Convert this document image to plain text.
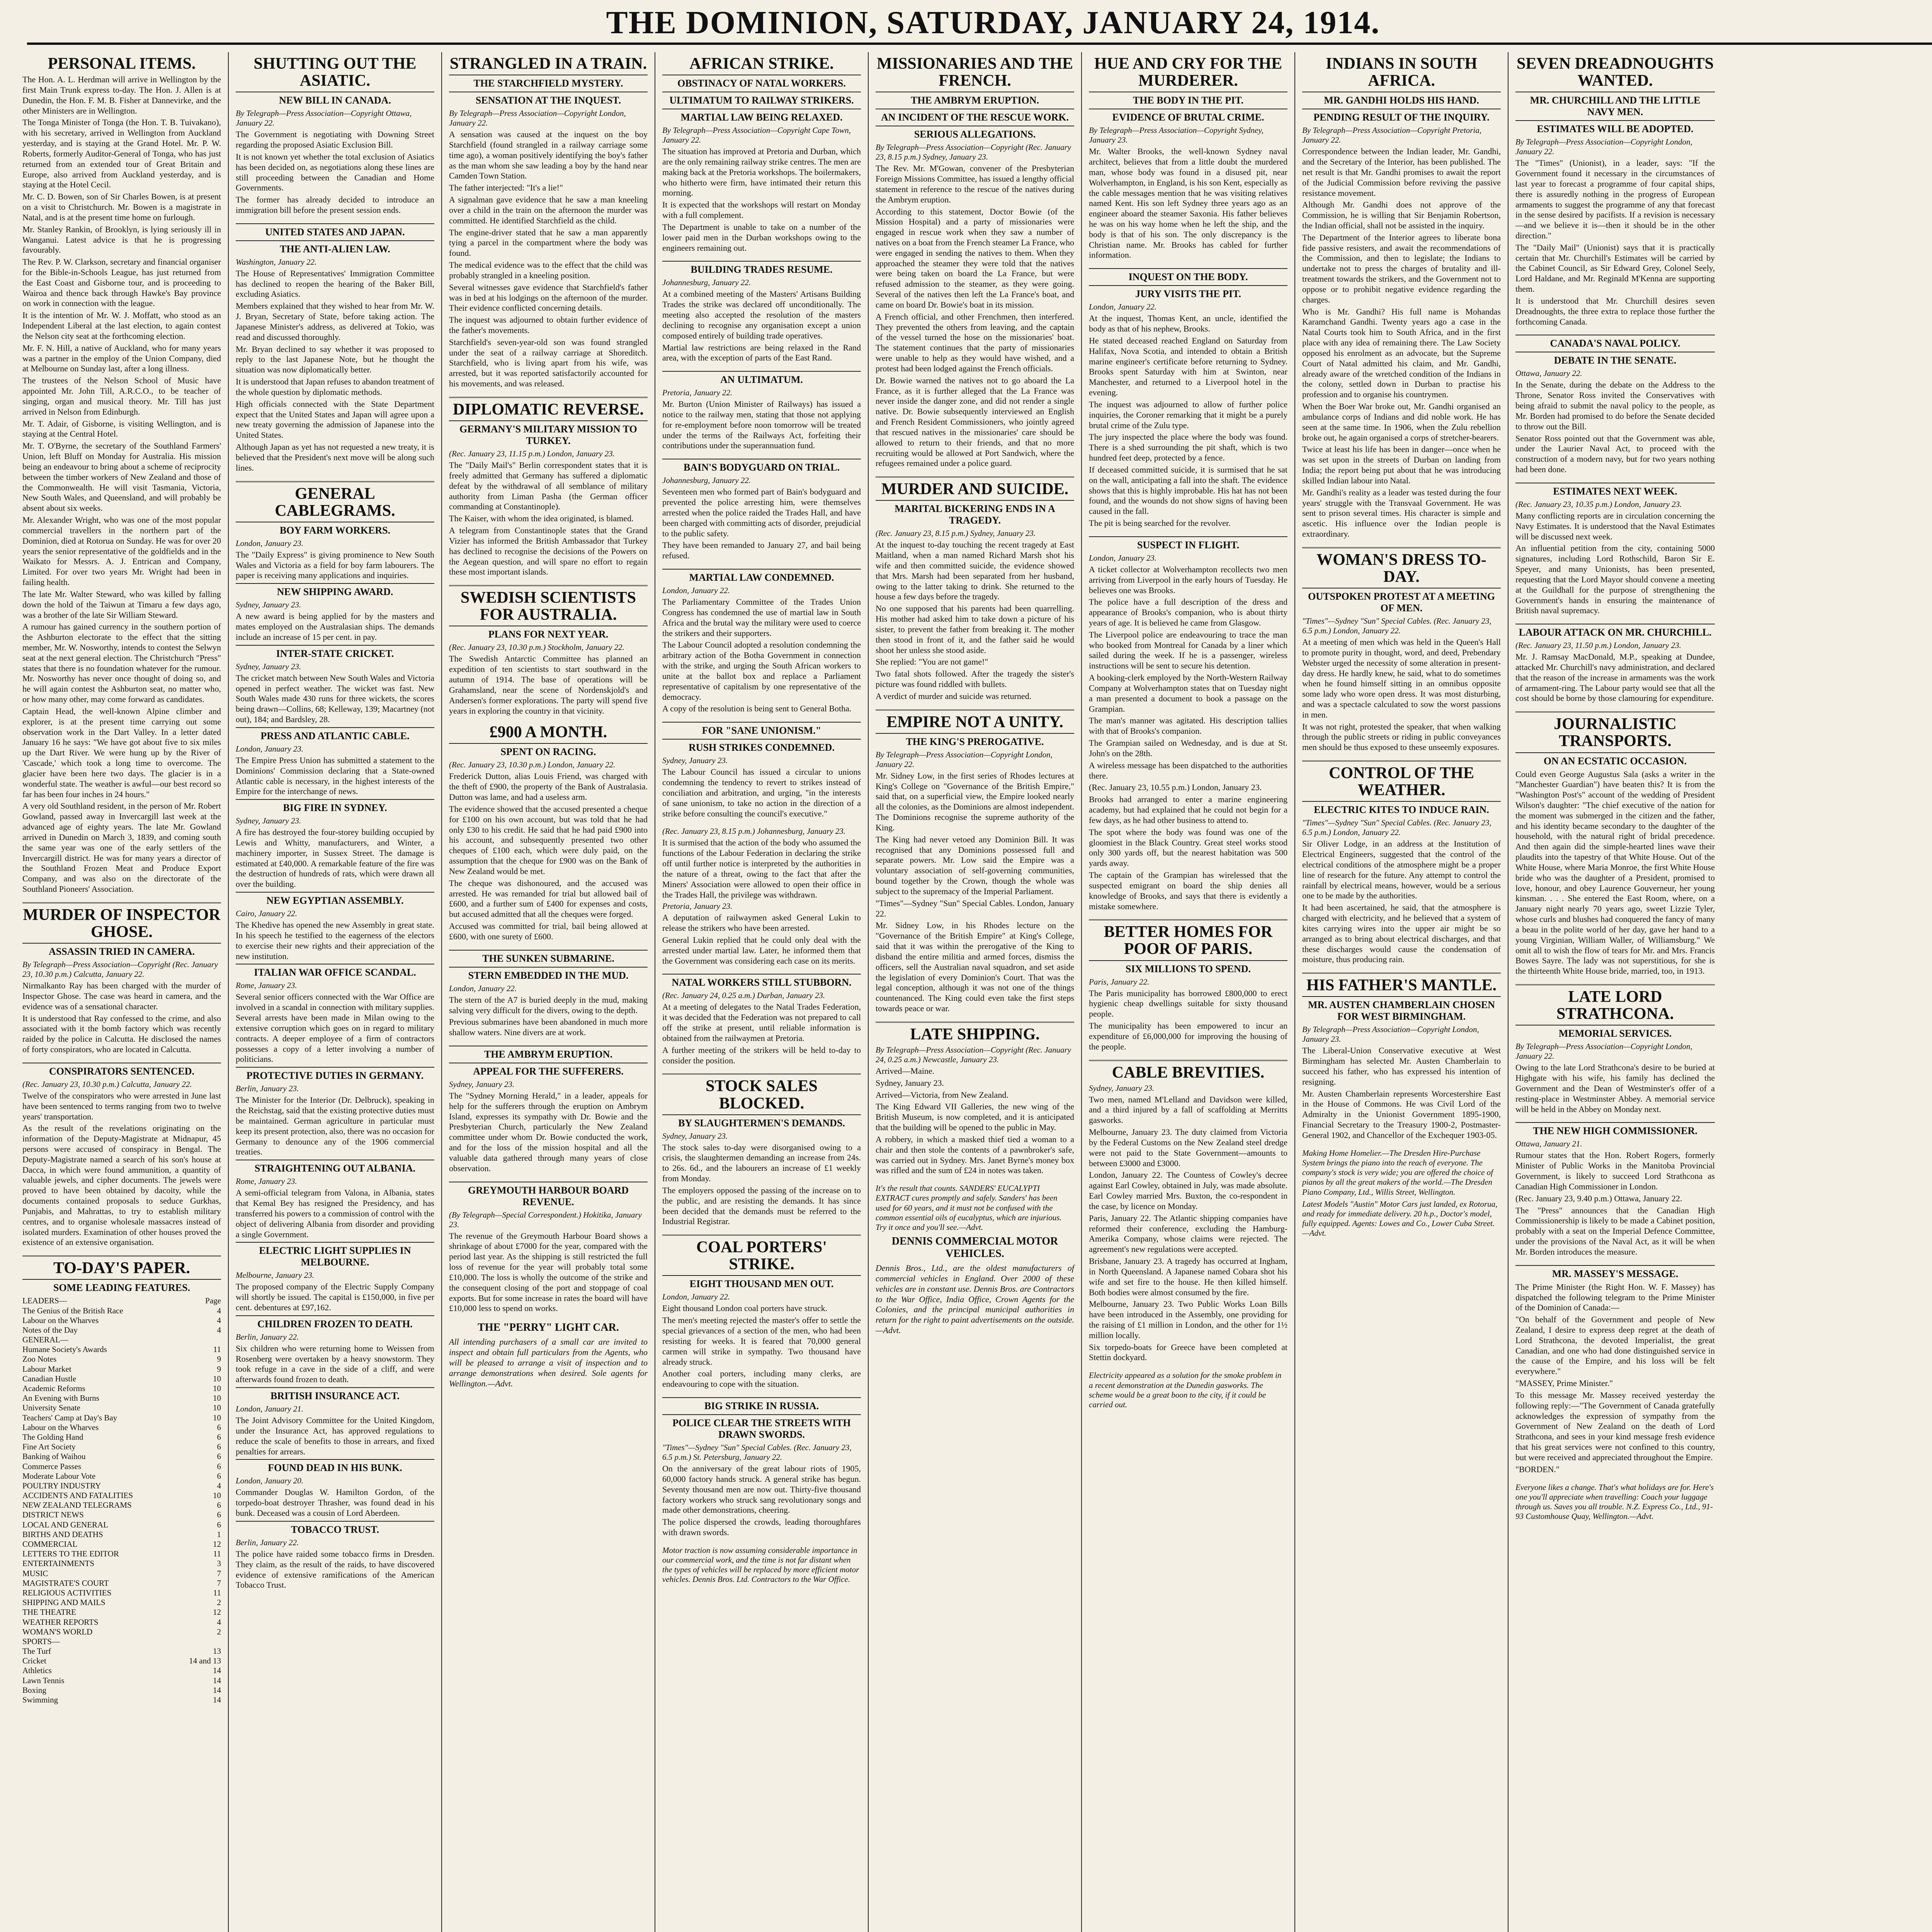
THE DOMINION, SATURDAY, JANUARY 24, 1914.
PERSONAL ITEMS.

The Hon. A. L. Herdman will arrive in Wellington by the first Main Trunk express to-day. The Hon. J. Allen is at Dunedin, the Hon. F. M. B. Fisher at Dannevirke, and the other Ministers are in Wellington.

The Tonga Minister of Tonga (the Hon. T. B. Tuivakano), with his secretary, arrived in Wellington from Auckland yesterday, and is staying at the Grand Hotel. Mr. P. W. Roberts, formerly Auditor-General of Tonga, who has just returned from an extended tour of Great Britain and Europe, also arrived from Auckland yesterday, and is staying at the Hotel Cecil.

Mr. C. D. Bowen, son of Sir Charles Bowen, is at present on a visit to Christchurch. Mr. Bowen is a magistrate in Natal, and is at the present time home on furlough.

Mr. Stanley Rankin, of Brooklyn, is lying seriously ill in Wanganui. Latest advice is that he is progressing favourably.

The Rev. P. W. Clarkson, secretary and financial organiser for the Bible-in-Schools League, has just returned from the East Coast and Gisborne tour, and is proceeding to Wairoa and thence back through Hawke's Bay province on work in connection with the league.

It is the intention of Mr. W. J. Moffatt, who stood as an Independent Liberal at the last election, to again contest the Nelson city seat at the forthcoming election.

Mr. F. N. Hill, a native of Auckland, who for many years was a partner in the employ of the Union Company, died at Melbourne on Sunday last, after a long illness.

The trustees of the Nelson School of Music have appointed Mr. John Till, A.R.C.O., to be teacher of singing, organ and musical theory. Mr. Till has just arrived in Nelson from Edinburgh.

Mr. T. Adair, of Gisborne, is visiting Wellington, and is staying at the Central Hotel.

Mr. T. O'Byrne, the secretary of the Southland Farmers' Union, left Bluff on Monday for Australia. His mission being an endeavour to bring about a scheme of reciprocity between the timber workers of New Zealand and those of the Commonwealth. He will visit Tasmania, Victoria, New South Wales, and Queensland, and will probably be absent about six weeks.

Mr. Alexander Wright, who was one of the most popular commercial travellers in the northern part of the Dominion, died at Rotorua on Sunday. He was for over 20 years the senior representative of the goldfields and in the Waikato for Messrs. A. J. Entrican and Company, Limited. For over two years Mr. Wright had been in failing health.

The late Mr. Walter Steward, who was killed by falling down the hold of the Taiwun at Timaru a few days ago, was a brother of the late Sir William Steward.

A rumour has gained currency in the southern portion of the Ashburton electorate to the effect that the sitting member, Mr. W. Nosworthy, intends to contest the Selwyn seat at the next general election. The Christchurch "Press" states that there is no foundation whatever for the rumour. Mr. Nosworthy has never once thought of doing so, and he will again contest the Ashburton seat, no matter who, or how many other, may come forward as candidates.

Captain Head, the well-known Alpine climber and explorer, is at the present time carrying out some observation work in the Dart Valley. In a letter dated January 16 he says: "We have got about five to six miles up the Dart River. We were hung up by the River of 'Cascade,' which took a long time to overcome. The glacier have been here two days. The glacier is in a wonderful state. The weather is awful—our best record so far has been four inches in 24 hours."

A very old Southland resident, in the person of Mr. Robert Gowland, passed away in Invercargill last week at the advanced age of eighty years. The late Mr. Gowland arrived in Dunedin on March 3, 1839, and coming south the same year was one of the early settlers of the Invercargill district. He was for many years a director of the Southland Frozen Meat and Produce Export Company, and was also on the directorate of the Southland Pioneers' Association.

MURDER OF INSPECTOR GHOSE.
ASSASSIN TRIED IN CAMERA.
By Telegraph—Press Association—Copyright (Rec. January 23, 10.30 p.m.) Calcutta, January 22.

Nirmalkanto Ray has been charged with the murder of Inspector Ghose. The case was heard in camera, and the evidence was of a sensational character.

It is understood that Ray confessed to the crime, and also associated with it the bomb factory which was recently raided by the police in Calcutta. He disclosed the names of forty conspirators, who are located in Calcutta.

CONSPIRATORS SENTENCED.
(Rec. January 23, 10.30 p.m.) Calcutta, January 22.

Twelve of the conspirators who were arrested in June last have been sentenced to terms ranging from two to twelve years' transportation.

As the result of the revelations originating on the information of the Deputy-Magistrate at Midnapur, 45 persons were accused of conspiracy in Bengal. The Deputy-Magistrate named a search of his son's house at Dacca, in which were found ammunition, a quantity of valuable jewels, and cipher documents. The jewels were proved to have been obtained by dacoity, while the documents contained proposals to seduce Gurkhas, Punjabis, and Mahrattas, to try to establish military centres, and to organise wholesale massacres instead of isolated murders. Examination of other houses proved the existence of an extensive organisation.

TO-DAY'S PAPER.
SOME LEADING FEATURES.
LEADERS—	Page
The Genius of the British Race	4
Labour on the Wharves	4
Notes of the Day	4
GENERAL—
Humane Society's Awards	11
Zoo Notes	9
Labour Market	9
Canadian Hustle	10
Academic Reforms	10
An Evening with Burns	10
University Senate	10
Teachers' Camp at Day's Bay	10
Labour on the Wharves	6
The Golding Hand	6
Fine Art Society	6
Banking of Waihou	6
Commerce Passes	6
Moderate Labour Vote	6
POULTRY INDUSTRY	4
ACCIDENTS AND FATALITIES	10
NEW ZEALAND TELEGRAMS	6
DISTRICT NEWS	6
LOCAL AND GENERAL	6
BIRTHS AND DEATHS	1
COMMERCIAL	12
LETTERS TO THE EDITOR	11
ENTERTAINMENTS	3
MUSIC	7
MAGISTRATE'S COURT	7
RELIGIOUS ACTIVITIES	11
SHIPPING AND MAILS	2
THE THEATRE	12
WEATHER REPORTS	4
WOMAN'S WORLD	2
SPORTS—
The Turf	13
Cricket	14 and 13
Athletics	14
Lawn Tennis	14
Boxing	14
Swimming	14
SHUTTING OUT THE ASIATIC.
NEW BILL IN CANADA.
By Telegraph—Press Association—Copyright Ottawa, January 22.

The Government is negotiating with Downing Street regarding the proposed Asiatic Exclusion Bill.

It is not known yet whether the total exclusion of Asiatics has been decided on, as negotiations along these lines are still proceeding between the Canadian and Home Governments.

The former has already decided to introduce an immigration bill before the present session ends.

UNITED STATES AND JAPAN.
THE ANTI-ALIEN LAW.
Washington, January 22.

The House of Representatives' Immigration Committee has declined to reopen the hearing of the Baker Bill, excluding Asiatics.

Members explained that they wished to hear from Mr. W. J. Bryan, Secretary of State, before taking action. The Japanese Minister's address, as delivered at Tokio, was read and discussed thoroughly.

Mr. Bryan declined to say whether it was proposed to reply to the last Japanese Note, but he thought the situation was now diplomatically better.

It is understood that Japan refuses to abandon treatment of the whole question by diplomatic methods.

High officials connected with the State Department expect that the United States and Japan will agree upon a new treaty governing the admission of Japanese into the United States.

Although Japan as yet has not requested a new treaty, it is believed that the President's next move will be along such lines.

GENERAL CABLEGRAMS.
BOY FARM WORKERS.
London, January 23.

The "Daily Express" is giving prominence to New South Wales and Victoria as a field for boy farm labourers. The paper is receiving many applications and inquiries.

NEW SHIPPING AWARD.
Sydney, January 23.

A new award is being applied for by the masters and mates employed on the Australasian ships. The demands include an increase of 15 per cent. in pay.

INTER-STATE CRICKET.
Sydney, January 23.

The cricket match between New South Wales and Victoria opened in perfect weather. The wicket was fast. New South Wales made 430 runs for three wickets, the scores being drawn—Collins, 68; Kelleway, 139; Macartney (not out), 184; and Bardsley, 28.

PRESS AND ATLANTIC CABLE.
London, January 23.

The Empire Press Union has submitted a statement to the Dominions' Commission declaring that a State-owned Atlantic cable is necessary, in the highest interests of the Empire for the interchange of news.

BIG FIRE IN SYDNEY.
Sydney, January 23.

A fire has destroyed the four-storey building occupied by Lewis and Whitty, manufacturers, and Winter, a machinery importer, in Sussex Street. The damage is estimated at £40,000. A remarkable feature of the fire was the destruction of hundreds of rats, which were drawn all over the building.

NEW EGYPTIAN ASSEMBLY.
Cairo, January 22.

The Khedive has opened the new Assembly in great state. In his speech he testified to the eagerness of the electors to exercise their new rights and their appreciation of the new institution.

ITALIAN WAR OFFICE SCANDAL.
Rome, January 23.

Several senior officers connected with the War Office are involved in a scandal in connection with military supplies. Several arrests have been made in Milan owing to the extensive corruption which goes on in regard to military contracts. A deeper employee of a firm of contractors possesses a copy of a letter involving a number of politicians.

PROTECTIVE DUTIES IN GERMANY.
Berlin, January 23.

The Minister for the Interior (Dr. Delbruck), speaking in the Reichstag, said that the existing protective duties must be maintained. German agriculture in particular must keep its present protection, also, there was no occasion for Germany to denounce any of the 1906 commercial treaties.

STRAIGHTENING OUT ALBANIA.
Rome, January 23.

A semi-official telegram from Valona, in Albania, states that Kemal Bey has resigned the Presidency, and has transferred his powers to a commission of control with the object of delivering Albania from disorder and providing a single Government.

ELECTRIC LIGHT SUPPLIES IN MELBOURNE.
Melbourne, January 23.

The proposed company of the Electric Supply Company will shortly be issued. The capital is £150,000, in five per cent. debentures at £97,162.

CHILDREN FROZEN TO DEATH.
Berlin, January 22.

Six children who were returning home to Weissen from Rosenberg were overtaken by a heavy snowstorm. They took refuge in a cave in the side of a cliff, and were afterwards found frozen to death.

BRITISH INSURANCE ACT.
London, January 21.

The Joint Advisory Committee for the United Kingdom, under the Insurance Act, has approved regulations to reduce the scale of benefits to those in arrears, and fixed penalties for arrears.

FOUND DEAD IN HIS BUNK.
London, January 20.

Commander Douglas W. Hamilton Gordon, of the torpedo-boat destroyer Thrasher, was found dead in his bunk. Deceased was a cousin of Lord Aberdeen.

TOBACCO TRUST.
Berlin, January 22.

The police have raided some tobacco firms in Dresden. They claim, as the result of the raids, to have discovered evidence of extensive ramifications of the American Tobacco Trust.

STRANGLED IN A TRAIN.
THE STARCHFIELD MYSTERY.
SENSATION AT THE INQUEST.
By Telegraph—Press Association—Copyright London, January 22.

A sensation was caused at the inquest on the boy Starchfield (found strangled in a railway carriage some time ago), a woman positively identifying the boy's father as the man whom she saw leading a boy by the hand near Camden Town Station.

The father interjected: "It's a lie!"

A signalman gave evidence that he saw a man kneeling over a child in the train on the afternoon the murder was committed. He identified Starchfield as the child.

The engine-driver stated that he saw a man apparently tying a parcel in the compartment where the body was found.

The medical evidence was to the effect that the child was probably strangled in a kneeling position.

Several witnesses gave evidence that Starchfield's father was in bed at his lodgings on the afternoon of the murder. Their evidence conflicted concerning details.

The inquest was adjourned to obtain further evidence of the father's movements.

Starchfield's seven-year-old son was found strangled under the seat of a railway carriage at Shoreditch. Starchfield, who is living apart from his wife, was arrested, but it was reported satisfactorily accounted for his movements, and was released.

DIPLOMATIC REVERSE.
GERMANY'S MILITARY MISSION TO TURKEY.
(Rec. January 23, 11.15 p.m.) London, January 23.

The "Daily Mail's" Berlin correspondent states that it is freely admitted that Germany has suffered a diplomatic defeat by the withdrawal of all semblance of military authority from Liman Pasha (the German officer commanding at Constantinople).

The Kaiser, with whom the idea originated, is blamed.

A telegram from Constantinople states that the Grand Vizier has informed the British Ambassador that Turkey has declined to recognise the decisions of the Powers on the Aegean question, and will spare no effort to regain these most important islands.

SWEDISH SCIENTISTS FOR AUSTRALIA.
PLANS FOR NEXT YEAR.
(Rec. January 23, 10.30 p.m.) Stockholm, January 22.

The Swedish Antarctic Committee has planned an expedition of ten scientists to start southward in the autumn of 1914. The base of operations will be Grahamsland, near the scene of Nordenskjold's and Andersen's former explorations. The party will spend five years in exploring the country in that vicinity.

£900 A MONTH.
SPENT ON RACING.
(Rec. January 23, 10.30 p.m.) London, January 22.

Frederick Dutton, alias Louis Friend, was charged with the theft of £900, the property of the Bank of Australasia. Dutton was lame, and had a useless arm.

The evidence showed that the accused presented a cheque for £100 on his own account, but was told that he had only £30 to his credit. He said that he had paid £900 into his account, and subsequently presented two other cheques of £100 each, which were duly paid, on the assumption that the cheque for £900 was on the Bank of New Zealand would be met.

The cheque was dishonoured, and the accused was arrested. He was remanded for trial but allowed bail of £600, and a further sum of £400 for expenses and costs, but accused admitted that all the cheques were forged.

Accused was committed for trial, bail being allowed at £600, with one surety of £600.

THE SUNKEN SUBMARINE.
STERN EMBEDDED IN THE MUD.
London, January 22.

The stern of the A7 is buried deeply in the mud, making salving very difficult for the divers, owing to the depth.

Previous submarines have been abandoned in much more shallow waters. Nine divers are at work.

THE AMBRYM ERUPTION.
APPEAL FOR THE SUFFERERS.
Sydney, January 23.

The "Sydney Morning Herald," in a leader, appeals for help for the sufferers through the eruption on Ambrym Island, expresses its sympathy with Dr. Bowie and the Presbyterian Church, particularly the New Zealand committee under whom Dr. Bowie conducted the work, and for the loss of the mission hospital and all the valuable data gathered through many years of close observation.

GREYMOUTH HARBOUR BOARD REVENUE.
(By Telegraph—Special Correspondent.) Hokitika, January 23.

The revenue of the Greymouth Harbour Board shows a shrinkage of about £7000 for the year, compared with the period last year. As the shipping is still restricted the full loss of revenue for the year will probably total some £10,000. The loss is wholly the outcome of the strike and the consequent closing of the port and stoppage of coal exports. But for some increase in rates the board will have £10,000 less to spend on works.

THE "PERRY" LIGHT CAR.

All intending purchasers of a small car are invited to inspect and obtain full particulars from the Agents, who will be pleased to arrange a visit of inspection and to arrange demonstrations when desired. Sole agents for Wellington.—Advt.

AFRICAN STRIKE.
OBSTINACY OF NATAL WORKERS.
ULTIMATUM TO RAILWAY STRIKERS.
MARTIAL LAW BEING RELAXED.
By Telegraph—Press Association—Copyright Cape Town, January 22.

The situation has improved at Pretoria and Durban, which are the only remaining railway strike centres. The men are making back at the Pretoria workshops. The boilermakers, who hitherto were firm, have intimated their return this morning.

It is expected that the workshops will restart on Monday with a full complement.

The Department is unable to take on a number of the lower paid men in the Durban workshops owing to the engineers remaining out.

BUILDING TRADES RESUME.
Johannesburg, January 22.

At a combined meeting of the Masters' Artisans Building Trades the strike was declared off unconditionally. The meeting also accepted the resolution of the masters declining to recognise any organisation except a union composed entirely of building trade operatives.

Martial law restrictions are being relaxed in the Rand area, with the exception of parts of the East Rand.

AN ULTIMATUM.
Pretoria, January 22.

Mr. Burton (Union Minister of Railways) has issued a notice to the railway men, stating that those not applying for re-employment before noon tomorrow will be treated under the terms of the Railways Act, forfeiting their contributions under the superannuation fund.

BAIN'S BODYGUARD ON TRIAL.
Johannesburg, January 22.

Seventeen men who formed part of Bain's bodyguard and prevented the police arresting him, were themselves arrested when the police raided the Trades Hall, and have been charged with committing acts of disorder, prejudicial to the public safety.

They have been remanded to January 27, and bail being refused.

MARTIAL LAW CONDEMNED.
London, January 22.

The Parliamentary Committee of the Trades Union Congress has condemned the use of martial law in South Africa and the brutal way the military were used to coerce the strikers and their supporters.

The Labour Council adopted a resolution condemning the arbitrary action of the Botha Government in connection with the strike, and urging the South African workers to unite at the ballot box and replace a Parliament representative of capitalism by one representative of the democracy.

A copy of the resolution is being sent to General Botha.

FOR "SANE UNIONISM."
RUSH STRIKES CONDEMNED.
Sydney, January 23.

The Labour Council has issued a circular to unions condemning the tendency to revert to strikes instead of conciliation and arbitration, and urging, "in the interests of sane unionism, to take no action in the direction of a strike before consulting the council's executive."

(Rec. January 23, 8.15 p.m.) Johannesburg, January 23.

It is surmised that the action of the body who assumed the functions of the Labour Federation in declaring the strike off until further notice is interpreted by the authorities in the nature of a threat, owing to the fact that after the Miners' Association were allowed to open their office in the Trades Hall, the privilege was withdrawn.

Pretoria, January 23.

A deputation of railwaymen asked General Lukin to release the strikers who have been arrested.

General Lukin replied that he could only deal with the arrested under martial law. Later, he informed them that the Government was considering each case on its merits.

NATAL WORKERS STILL STUBBORN.
(Rec. January 24, 0.25 a.m.) Durban, January 23.

At a meeting of delegates to the Natal Trades Federation, it was decided that the Federation was not prepared to call off the strike at present, until reliable information is obtained from the railwaymen at Pretoria.

A further meeting of the strikers will be held to-day to consider the position.

STOCK SALES BLOCKED.
BY SLAUGHTERMEN'S DEMANDS.
Sydney, January 23.

The stock sales to-day were disorganised owing to a crisis, the slaughtermen demanding an increase from 24s. to 26s. 6d., and the labourers an increase of £1 weekly from Monday.

The employers opposed the passing of the increase on to the public, and are resisting the demands. It has since been decided that the demands must be referred to the Industrial Registrar.

COAL PORTERS' STRIKE.
EIGHT THOUSAND MEN OUT.
London, January 22.

Eight thousand London coal porters have struck.

The men's meeting rejected the master's offer to settle the special grievances of a section of the men, who had been resisting for weeks. It is feared that 70,000 general carmen will strike in sympathy. Two thousand have already struck.

Another coal porters, including many clerks, are endeavouring to cope with the situation.

BIG STRIKE IN RUSSIA.
POLICE CLEAR THE STREETS WITH DRAWN SWORDS.
"Times"—Sydney "Sun" Special Cables. (Rec. January 23, 6.5 p.m.) St. Petersburg, January 22.

On the anniversary of the great labour riots of 1905, 60,000 factory hands struck. A general strike has begun. Seventy thousand men are now out. Thirty-five thousand factory workers who struck sang revolutionary songs and made other demonstrations, cheering.

The police dispersed the crowds, leading thoroughfares with drawn swords.

Motor traction is now assuming considerable importance in our commercial work, and the time is not far distant when the types of vehicles will be replaced by more efficient motor vehicles. Dennis Bros. Ltd. Contractors to the War Office.

MISSIONARIES AND THE FRENCH.
THE AMBRYM ERUPTION.
AN INCIDENT OF THE RESCUE WORK.
SERIOUS ALLEGATIONS.
By Telegraph—Press Association—Copyright (Rec. January 23, 8.15 p.m.) Sydney, January 23.

The Rev. Mr. M'Gowan, convener of the Presbyterian Foreign Missions Committee, has issued a lengthy official statement in reference to the rescue of the natives during the Ambrym eruption.

According to this statement, Doctor Bowie (of the Mission Hospital) and a party of missionaries were engaged in rescue work when they saw a number of natives on a boat from the French steamer La France, who were engaged in sending the natives to them. When they approached the steamer they were told that the natives were being taken on board the La France, but were refused admission to the steamer, as they were going. Several of the natives then left the La France's boat, and came on board Dr. Bowie's boat in its mission.

A French official, and other Frenchmen, then interfered. They prevented the others from leaving, and the captain of the vessel turned the hose on the missionaries' boat. The statement continues that the party of missionaries were unable to help as they would have wished, and a protest had been lodged against the French officials.

Dr. Bowie warned the natives not to go aboard the La France, as it is further alleged that the La France was never inside the danger zone, and did not render a single native. Dr. Bowie subsequently interviewed an English and French Resident Commissioners, who jointly agreed that rescued natives in the missionaries' care should be allowed to return to their friends, and that no more recruiting would be allowed at Port Sandwich, where the refugees remained under a police guard.

MURDER AND SUICIDE.
MARITAL BICKERING ENDS IN A TRAGEDY.
(Rec. January 23, 8.15 p.m.) Sydney, January 23.

At the inquest to-day touching the recent tragedy at East Maitland, when a man named Richard Marsh shot his wife and then committed suicide, the evidence showed that Mrs. Marsh had been separated from her husband, owing to the latter taking to drink. She returned to the house a few days before the tragedy.

No one supposed that his parents had been quarrelling. His mother had asked him to take down a picture of his sister, to prevent the father from breaking it. The mother then stood in front of it, and the father said he would shoot her unless she stood aside.

She replied: "You are not game!"

Two fatal shots followed. After the tragedy the sister's picture was found riddled with bullets.

A verdict of murder and suicide was returned.

EMPIRE NOT A UNITY.
THE KING'S PREROGATIVE.
By Telegraph—Press Association—Copyright London, January 22.

Mr. Sidney Low, in the first series of Rhodes lectures at King's College on "Governance of the British Empire," said that, on a superficial view, the Empire looked nearly all the colonies, as the Dominions are almost independent. The Dominions recognise the supreme authority of the King.

The King had never vetoed any Dominion Bill. It was recognised that any Dominions possessed full and separate powers. Mr. Low said the Empire was a voluntary association of self-governing communities, bound together by the Crown, though the whole was subject to the supremacy of the Imperial Parliament.

"Times"—Sydney "Sun" Special Cables. London, January 22.

Mr. Sidney Low, in his Rhodes lecture on the "Governance of the British Empire" at King's College, said that it was within the prerogative of the King to disband the entire militia and armed forces, dismiss the officers, sell the Australian naval squadron, and set aside the legislation of every Dominion's Court. That was the legal conception, although it was not one of the things countenanced. The King could even take the first steps towards peace or war.

LATE SHIPPING.
By Telegraph—Press Association—Copyright (Rec. January 24, 0.25 a.m.) Newcastle, January 23.

Arrived—Maine.

Sydney, January 23.

Arrived—Victoria, from New Zealand.

The King Edward VII Galleries, the new wing of the British Museum, is now completed, and it is anticipated that the building will be opened to the public in May.

A robbery, in which a masked thief tied a woman to a chair and then stole the contents of a pawnbroker's safe, was carried out in Sydney. Mrs. Janet Byrne's money box was rifled and the sum of £24 in notes was taken.

It's the result that counts. SANDERS' EUCALYPTI EXTRACT cures promptly and safely. Sanders' has been used for 60 years, and it must not be confused with the common essential oils of eucalyptus, which are injurious. Try it once and you'll see.—Advt.

DENNIS COMMERCIAL MOTOR VEHICLES.

Dennis Bros., Ltd., are the oldest manufacturers of commercial vehicles in England. Over 2000 of these vehicles are in constant use. Dennis Bros. are Contractors to the War Office, India Office, Crown Agents for the Colonies, and the principal municipal authorities in return for the right to paint advertisements on the outside.—Advt.

HUE AND CRY FOR THE MURDERER.
THE BODY IN THE PIT.
EVIDENCE OF BRUTAL CRIME.
By Telegraph—Press Association—Copyright Sydney, January 23.

Mr. Walter Brooks, the well-known Sydney naval architect, believes that from a little doubt the murdered man, whose body was found in a disused pit, near Wolverhampton, in England, is his son Kent, especially as the cable messages mention that he was visiting relatives named Kent. His son left Sydney three years ago as an engineer aboard the steamer Saxonia. His father believes he was on his way home when he left the ship, and the body is that of his son. The only discrepancy is the Christian name. Mr. Brooks has cabled for further information.

INQUEST ON THE BODY.
JURY VISITS THE PIT.
London, January 22.

At the inquest, Thomas Kent, an uncle, identified the body as that of his nephew, Brooks.

He stated deceased reached England on Saturday from Halifax, Nova Scotia, and intended to obtain a British marine engineer's certificate before returning to Sydney. Brooks spent Saturday with him at Swinton, near Manchester, and returned to a Liverpool hotel in the evening.

The inquest was adjourned to allow of further police inquiries, the Coroner remarking that it might be a purely brutal crime of the Zulu type.

The jury inspected the place where the body was found. There is a shed surrounding the pit shaft, which is two hundred feet deep, protected by a fence.

If deceased committed suicide, it is surmised that he sat on the wall, anticipating a fall into the shaft. The evidence shows that this is highly improbable. His hat has not been found, and the wounds do not show signs of having been caused in the fall.

The pit is being searched for the revolver.

SUSPECT IN FLIGHT.
London, January 23.

A ticket collector at Wolverhampton recollects two men arriving from Liverpool in the early hours of Tuesday. He believes one was Brooks.

The police have a full description of the dress and appearance of Brooks's companion, who is about thirty years of age. It is believed he came from Glasgow.

The Liverpool police are endeavouring to trace the man who booked from Montreal for Canada by a liner which sailed during the week. If he is a passenger, wireless instructions will be sent to secure his detention.

A booking-clerk employed by the North-Western Railway Company at Wolverhampton states that on Tuesday night a man presented a document to book a passage on the Grampian.

The man's manner was agitated. His description tallies with that of Brooks's companion.

The Grampian sailed on Wednesday, and is due at St. John's on the 28th.

A wireless message has been dispatched to the authorities there.

(Rec. January 23, 10.55 p.m.) London, January 23.

Brooks had arranged to enter a marine engineering academy, but had explained that he could not begin for a few days, as he had other business to attend to.

The spot where the body was found was one of the gloomiest in the Black Country. Great steel works stood only 300 yards off, but the nearest habitation was 500 yards away.

The captain of the Grampian has wirelessed that the suspected emigrant on board the ship denies all knowledge of Brooks, and says that there is evidently a mistake somewhere.

BETTER HOMES FOR POOR OF PARIS.
SIX MILLIONS TO SPEND.
Paris, January 22.

The Paris municipality has borrowed £800,000 to erect hygienic cheap dwellings suitable for sixty thousand people.

The municipality has been empowered to incur an expenditure of £6,000,000 for improving the housing of the people.

CABLE BREVITIES.
Sydney, January 23.

Two men, named M'Lelland and Davidson were killed, and a third injured by a fall of scaffolding at Merritts gasworks.

Melbourne, January 23. The duty claimed from Victoria by the Federal Customs on the New Zealand steel dredge were not paid to the State Government—amounts to between £3000 and £3000.

London, January 22. The Countess of Cowley's decree against Earl Cowley, obtained in July, was made absolute. Earl Cowley married Mrs. Buxton, the co-respondent in the case, by licence on Monday.

Paris, January 22. The Atlantic shipping companies have reformed their conference, excluding the Hamburg-Amerika Company, whose claims were rejected. The agreement's new regulations were accepted.

Brisbane, January 23. A tragedy has occurred at Ingham, in North Queensland. A Japanese named Cobara shot his wife and set fire to the house. He then killed himself. Both bodies were almost consumed by the fire.

Melbourne, January 23. Two Public Works Loan Bills have been introduced in the Assembly, one providing for the raising of £1 million in London, and the other for 1½ million locally.

Six torpedo-boats for Greece have been completed at Stettin dockyard.

Electricity appeared as a solution for the smoke problem in a recent demonstration at the Dunedin gasworks. The scheme would be a great boon to the city, if it could be carried out.

INDIANS IN SOUTH AFRICA.
MR. GANDHI HOLDS HIS HAND.
PENDING RESULT OF THE INQUIRY.
By Telegraph—Press Association—Copyright Pretoria, January 22.

Correspondence between the Indian leader, Mr. Gandhi, and the Secretary of the Interior, has been published. The net result is that Mr. Gandhi promises to await the report of the Judicial Commission before reviving the passive resistance movement.

Although Mr. Gandhi does not approve of the Commission, he is willing that Sir Benjamin Robertson, the Indian official, shall not be assisted in the inquiry.

The Department of the Interior agrees to liberate bona fide passive resisters, and await the recommendations of the Commission, and then to legislate; the Indians to undertake not to press the charges of brutality and ill-treatment towards the strikers, and the Government not to oppose or to prohibit negative evidence regarding the charges.

Who is Mr. Gandhi? His full name is Mohandas Karamchand Gandhi. Twenty years ago a case in the Natal Courts took him to South Africa, and in the first place with any idea of remaining there. The Law Society opposed his enrolment as an advocate, but the Supreme Court of Natal admitted his claim, and Mr. Gandhi, already aware of the wretched condition of the Indians in the colony, settled down in Durban to practise his profession and to organise his countrymen.

When the Boer War broke out, Mr. Gandhi organised an ambulance corps of Indians and did noble work. He has seen at the same time. In 1906, when the Zulu rebellion broke out, he again organised a corps of stretcher-bearers.

Twice at least his life has been in danger—once when he was set upon in the streets of Durban on landing from India; the report being put about that he was introducing skilled Indian labour into Natal.

Mr. Gandhi's reality as a leader was tested during the four years' struggle with the Transvaal Government. He was sent to prison several times. His character is simple and ascetic. His influence over the Indian people is extraordinary.

WOMAN'S DRESS TO-DAY.
OUTSPOKEN PROTEST AT A MEETING OF MEN.
"Times"—Sydney "Sun" Special Cables. (Rec. January 23, 6.5 p.m.) London, January 22.

At a meeting of men which was held in the Queen's Hall to promote purity in thought, word, and deed, Prebendary Webster urged the necessity of some alteration in present-day dress. He hardly knew, he said, what to do sometimes when he found himself sitting in an omnibus opposite some lady who wore open dress. It was most disturbing, and was a spectacle calculated to sow the worst passions in men.

It was not right, protested the speaker, that when walking through the public streets or riding in public conveyances men should be thus exposed to these unseemly exposures.

CONTROL OF THE WEATHER.
ELECTRIC KITES TO INDUCE RAIN.
"Times"—Sydney "Sun" Special Cables. (Rec. January 23, 6.5 p.m.) London, January 22.

Sir Oliver Lodge, in an address at the Institution of Electrical Engineers, suggested that the control of the electrical conditions of the atmosphere might be a proper line of research for the future. Any attempt to control the rainfall by electrical means, however, would be a serious one to be made by the authorities.

It had been ascertained, he said, that the atmosphere is charged with electricity, and he believed that a system of kites carrying wires into the upper air might be so arranged as to bring about electrical discharges, and that these discharges would cause the condensation of moisture, thus producing rain.

HIS FATHER'S MANTLE.
MR. AUSTEN CHAMBERLAIN CHOSEN FOR WEST BIRMINGHAM.
By Telegraph—Press Association—Copyright London, January 23.

The Liberal-Union Conservative executive at West Birmingham has selected Mr. Austen Chamberlain to succeed his father, who has expressed his intention of resigning.

Mr. Austen Chamberlain represents Worcestershire East in the House of Commons. He was Civil Lord of the Admiralty in the Unionist Government 1895-1900, Financial Secretary to the Treasury 1900-2, Postmaster-General 1902, and Chancellor of the Exchequer 1903-05.

Making Home Homelier.—The Dresden Hire-Purchase System brings the piano into the reach of everyone. The company's stock is very wide; you are offered the choice of pianos by all the great makers of the world.—The Dresden Piano Company, Ltd., Willis Street, Wellington.

Latest Models "Austin" Motor Cars just landed, ex Rotorua, and ready for immediate delivery. 20 h.p., Doctor's model, fully equipped. Agents: Lowes and Co., Lower Cuba Street.—Advt.

SEVEN DREADNOUGHTS WANTED.
MR. CHURCHILL AND THE LITTLE NAVY MEN.
ESTIMATES WILL BE ADOPTED.
By Telegraph—Press Association—Copyright London, January 22.

The "Times" (Unionist), in a leader, says: "If the Government found it necessary in the circumstances of last year to forecast a programme of four capital ships, there is assuredly nothing in the progress of European armaments to suggest the programme of any that forecast in the sense desired by pacifists. If a revision is necessary—and we believe it is—then it should be in the other direction."

The "Daily Mail" (Unionist) says that it is practically certain that Mr. Churchill's Estimates will be carried by the Cabinet Council, as Sir Edward Grey, Colonel Seely, Lord Haldane, and Mr. Reginald M'Kenna are supporting them.

It is understood that Mr. Churchill desires seven Dreadnoughts, the three extra to replace those further the forthcoming Canada.

CANADA'S NAVAL POLICY.
DEBATE IN THE SENATE.
Ottawa, January 22.

In the Senate, during the debate on the Address to the Throne, Senator Ross invited the Conservatives with being afraid to submit the naval policy to the people, as Mr. Borden had promised to do before the Senate decided to throw out the Bill.

Senator Ross pointed out that the Government was able, under the Laurier Naval Act, to proceed with the construction of a modern navy, but for two years nothing had been done.

ESTIMATES NEXT WEEK.
(Rec. January 23, 10.35 p.m.) London, January 23.

Many conflicting reports are in circulation concerning the Navy Estimates. It is understood that the Naval Estimates will be discussed next week.

An influential petition from the city, containing 5000 signatures, including Lord Rothschild, Baron Sir E. Speyer, and many Unionists, has been presented, requesting that the Lord Mayor should convene a meeting at the Guildhall for the purpose of strengthening the Government's hands in ensuring the maintenance of British naval supremacy.

LABOUR ATTACK ON MR. CHURCHILL.
(Rec. January 23, 11.50 p.m.) London, January 23.

Mr. J. Ramsay MacDonald, M.P., speaking at Dundee, attacked Mr. Churchill's navy administration, and declared that the reason of the increase in armaments was the work of armament-ring. The Labour party would see that all the cost should be borne by those clamouring for expenditure.

JOURNALISTIC TRANSPORTS.
ON AN ECSTATIC OCCASION.

Could even George Augustus Sala (asks a writer in the "Manchester Guardian") have beaten this? It is from the "Washington Post's" account of the wedding of President Wilson's daughter: "The chief executive of the nation for the moment was submerged in the citizen and the father, and his identity became secondary to the daughter of the household, with the natural right of bridal precedence. And then again did the simple-hearted lines wave their plaudits into the tapestry of that White House. Out of the White House, where Maria Monroe, the first White House bride who was the daughter of a President, promised to love, honour, and obey Laurence Gouverneur, her young kinsman. . . . She entered the East Room, where, on a January night nearly 70 years ago, sweet Lizzie Tyler, whose curls and blushes had conquered the fancy of many a beau in the polite world of her day, gave her hand to a young Virginian, William Waller, of Williamsburg." We omit all to wish the flow of tears for Mr. and Mrs. Francis Bowes Sayre. The lady was not superstitious, for she is the thirteenth White House bride, married, too, in 1913.

LATE LORD STRATHCONA.
MEMORIAL SERVICES.
By Telegraph—Press Association—Copyright London, January 22.

Owing to the late Lord Strathcona's desire to be buried at Highgate with his wife, his family has declined the Government and the Dean of Westminster's offer of a resting-place in Westminster Abbey. A memorial service will be held in the Abbey on Monday next.

THE NEW HIGH COMMISSIONER.
Ottawa, January 21.

Rumour states that the Hon. Robert Rogers, formerly Minister of Public Works in the Manitoba Provincial Government, is likely to succeed Lord Strathcona as Canadian High Commissioner in London.

(Rec. January 23, 9.40 p.m.) Ottawa, January 22.

The "Press" announces that the Canadian High Commissionership is likely to be made a Cabinet position, probably with a seat on the Imperial Defence Committee, under the provisions of the Naval Act, as it will be when Mr. Borden introduces the measure.

MR. MASSEY'S MESSAGE.

The Prime Minister (the Right Hon. W. F. Massey) has dispatched the following telegram to the Prime Minister of the Dominion of Canada:—

"On behalf of the Government and people of New Zealand, I desire to express deep regret at the death of Lord Strathcona, the devoted Imperialist, the great Canadian, and one who had done distinguished service in the cause of the Empire, and his loss will be felt everywhere."

"MASSEY, Prime Minister."

To this message Mr. Massey received yesterday the following reply:—"The Government of Canada gratefully acknowledges the expression of sympathy from the Government of New Zealand on the death of Lord Strathcona, and sees in your kind message fresh evidence that his great services were not confined to this country, but were received and appreciated throughout the Empire.

"BORDEN."

Everyone likes a change. That's what holidays are for. Here's one you'll appreciate when travelling: Coach your luggage through us. Saves you all trouble. N.Z. Express Co., Ltd., 91-93 Customhouse Quay, Wellington.—Advt.
